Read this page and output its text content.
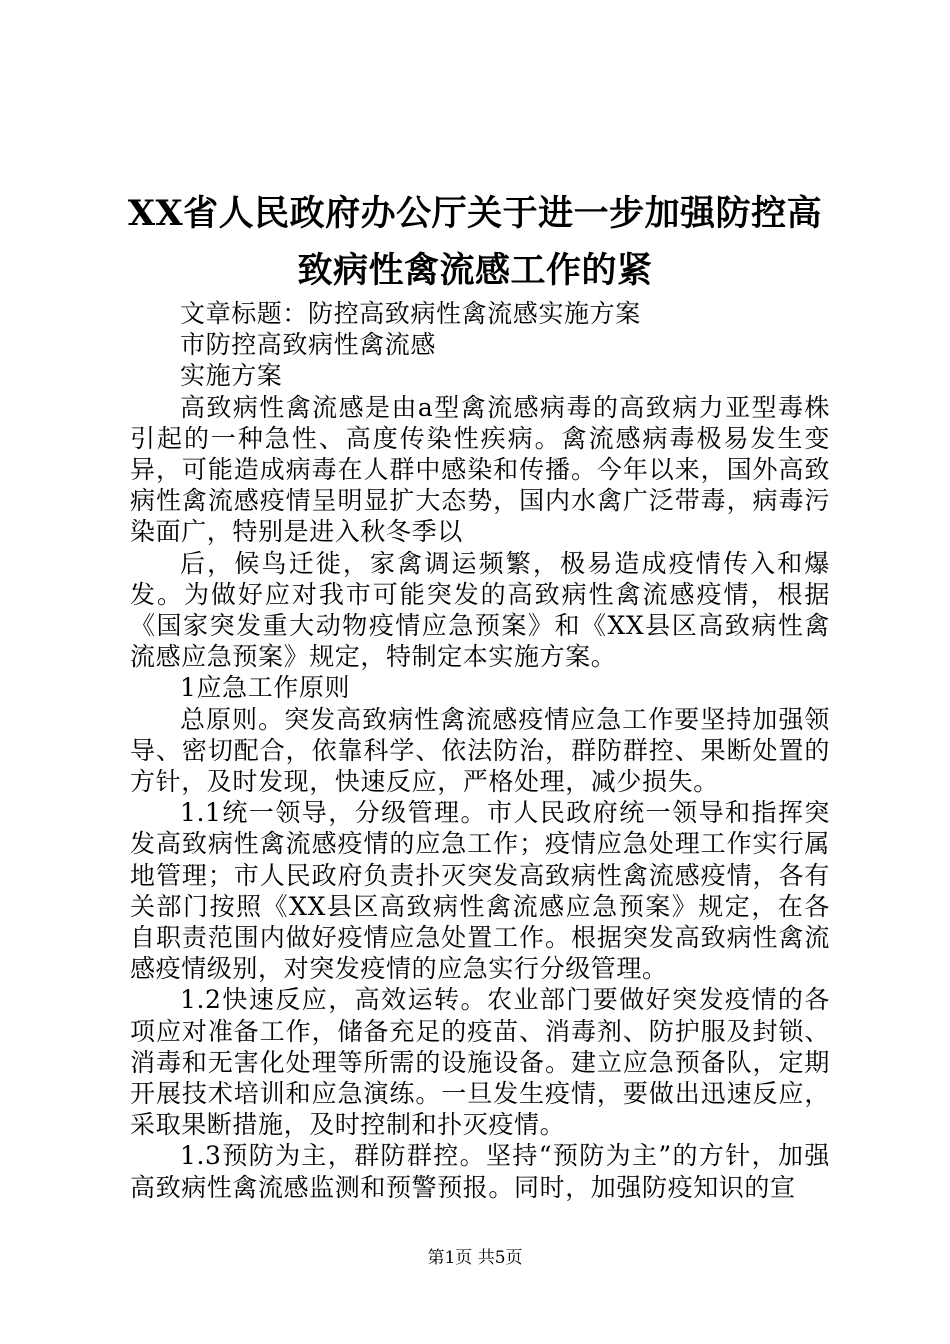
XX省人民政府办公厅关于进一步加强防控高
致病性禽流感工作的紧

文章标题：防控高致病性禽流感实施方案

市防控高致病性禽流感

实施方案

高致病性禽流感是由a型禽流感病毒的高致病力亚型毒株引起的一种急性、高度传染性疾病。禽流感病毒极易发生变异，可能造成病毒在人群中感染和传播。今年以来，国外高致病性禽流感疫情呈明显扩大态势，国内水禽广泛带毒，病毒污染面广，特别是进入秋冬季以

后，候鸟迁徙，家禽调运频繁，极易造成疫情传入和爆发。为做好应对我市可能突发的高致病性禽流感疫情，根据《国家突发重大动物疫情应急预案》和《XX县区高致病性禽流感应急预案》规定，特制定本实施方案。

1应急工作原则

总原则。突发高致病性禽流感疫情应急工作要坚持加强领导、密切配合，依靠科学、依法防治，群防群控、果断处置的方针，及时发现，快速反应，严格处理，减少损失。

1.1统一领导，分级管理。市人民政府统一领导和指挥突发高致病性禽流感疫情的应急工作；疫情应急处理工作实行属地管理；市人民政府负责扑灭突发高致病性禽流感疫情，各有关部门按照《XX县区高致病性禽流感应急预案》规定，在各自职责范围内做好疫情应急处置工作。根据突发高致病性禽流感疫情级别，对突发疫情的应急实行分级管理。

1.2快速反应，高效运转。农业部门要做好突发疫情的各项应对准备工作，储备充足的疫苗、消毒剂、防护服及封锁、消毒和无害化处理等所需的设施设备。建立应急预备队，定期开展技术培训和应急演练。一旦发生疫情，要做出迅速反应，采取果断措施，及时控制和扑灭疫情。

1.3预防为主，群防群控。坚持“预防为主”的方针，加强高致病性禽流感监测和预警预报。同时，加强防疫知识的宣

第1页 共5页
